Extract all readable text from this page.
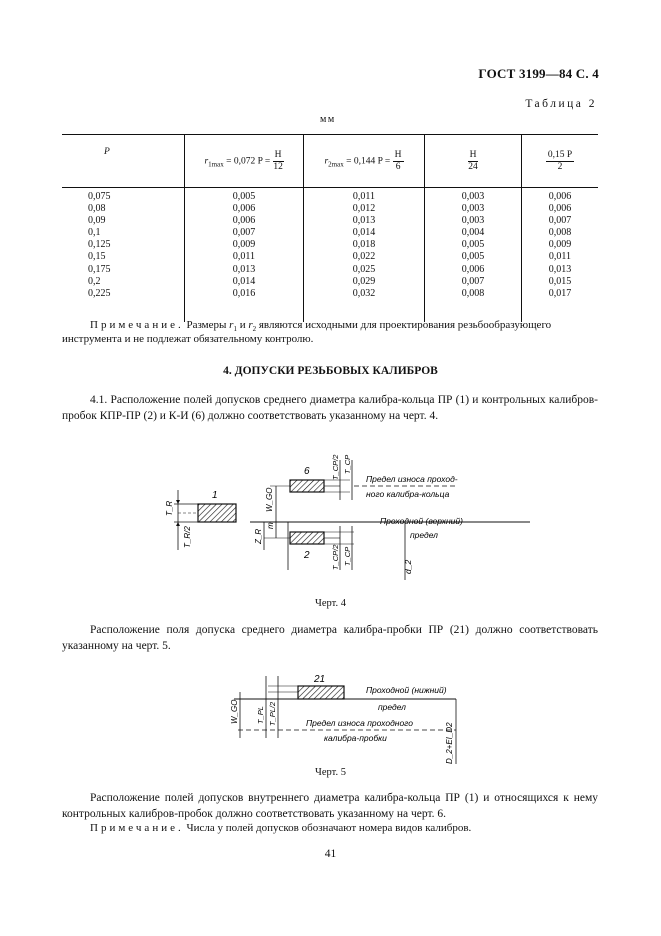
ГОСТ 3199—84 С. 4
Таблица 2
мм
P	$r_{1max} = 0,072$ $P = \frac{H}{12}$	$r_{2max} = 0,144$ $P = \frac{H}{6}$	$\frac{H}{24}$	$\frac{0,15 P}{2}$

0,075	0,005	0,011	0,003	0,006
0,08	0,006	0,012	0,003	0,006
0,09	0,006	0,013	0,003	0,007
0,1	0,007	0,014	0,004	0,008
0,125	0,009	0,018	0,005	0,009
0,15	0,011	0,022	0,005	0,011
0,175	0,013	0,025	0,006	0,013
0,2	0,014	0,029	0,007	0,015
0,225	0,016	0,032	0,008	0,017

Примечание. Размеры $r_1$ и $r_2$ являются исходными для проектирования резьбообразующего
инструмента и не подлежат обязательному контролю.
4. ДОПУСКИ РЕЗЬБОВЫХ КАЛИБРОВ
4.1. Расположение полей допусков среднего диаметра калибра-кольца ПР (1) и контрольных калибров-пробок КПР-ПР (2) и К-И (6) должно соответствовать указанному на черт. 4.
1
T_R
T_R/2
6
2
W_GO
m
Z_R
T_CP/2 T_CP
T_CP/2 T_CP
Предел износа проход-
ного калибра-кольца
Проходной (верхний)
предел
d_2
Черт. 4
Расположение поля допуска среднего диаметра калибра-пробки ПР (21) должно соответствовать указанному на черт. 5.
21
W_GO T_PL T_PL/2
Проходной (нижний)
предел
Предел износа проходного
калибра-пробки	D_2+EI_D2
Черт. 5
Расположение полей допусков внутреннего диаметра калибра-кольца ПР (1) и относящихся к нему контрольных калибров-пробок должно соответствовать указанному на черт. 6.
Примечание. Числа у полей допусков обозначают номера видов калибров.
41
